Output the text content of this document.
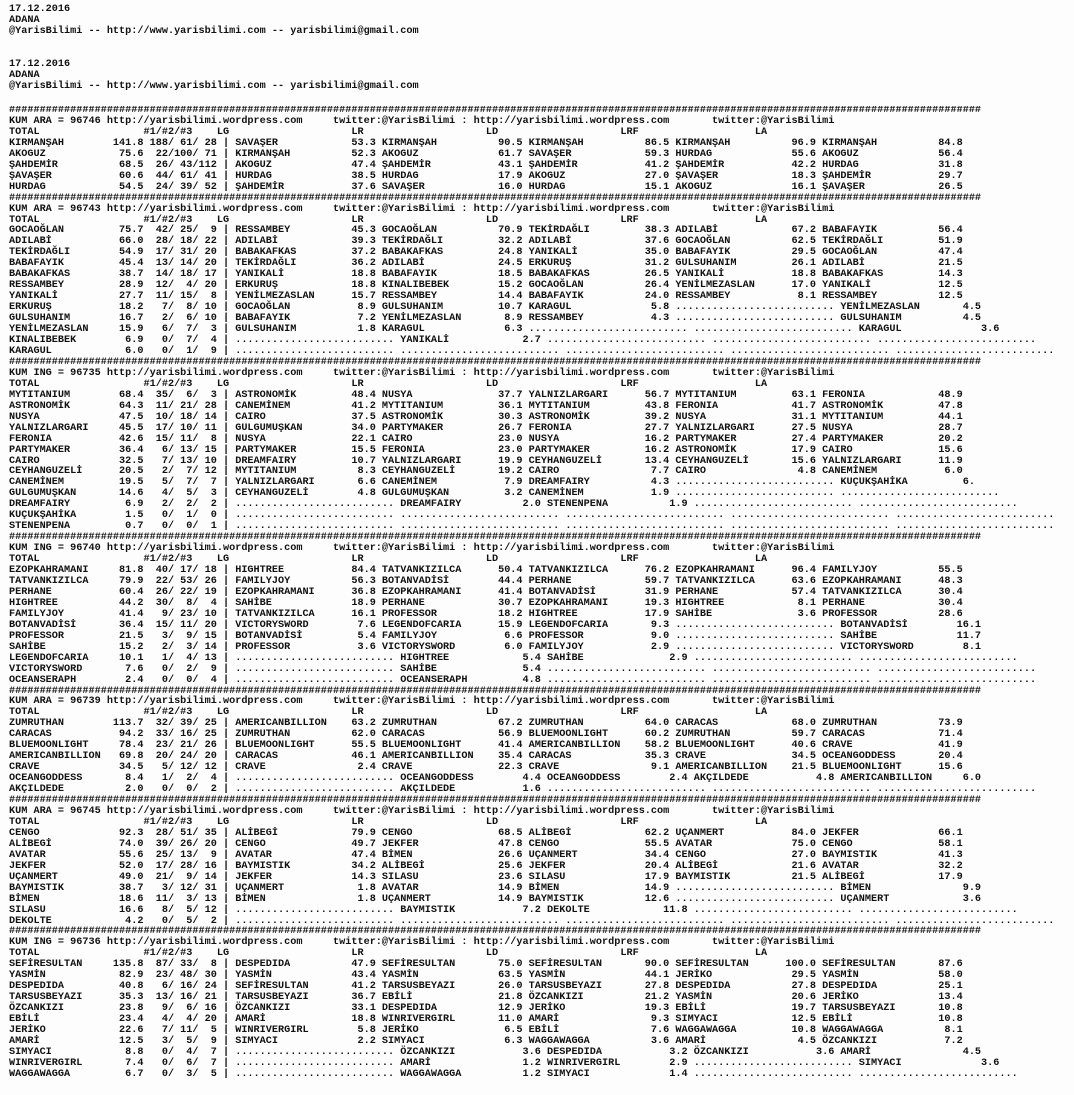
17.12.2016
ADANA
@YarisBilimi -- http://www.yarisbilimi.com -- yarisbilimi@gmail.com
17.12.2016
ADANA
@YarisBilimi -- http://www.yarisbilimi.com -- yarisbilimi@gmail.com
###############################################################################################################################################################
KUM ARA = 96746 http://yarisbilimi.wordpress.com     twitter:@YarisBilimi : http://yarisbilimi.wordpress.com       twitter:@YarisBilimi
TOTAL                 #1/#2/#3    LG                    LR                    LD                    LRF                   LA
KIRMANŞAH        141.8 188/ 61/ 28 | SAVAŞER            53.3 KIRMANŞAH          90.5 KIRMANŞAH          86.5 KIRMANŞAH          96.9 KIRMANŞAH          84.8
AKOGUZ            75.6  22/100/ 71 | KIRMANŞAH          52.3 AKOGUZ             61.7 SAVAŞER            59.3 HURDAG             55.6 AKOGUZ             56.4
ŞAHDEMİR          68.5  26/ 43/112 | AKOGUZ             47.4 ŞAHDEMİR           43.1 ŞAHDEMİR           41.2 ŞAHDEMİR           42.2 HURDAG             31.8
ŞAVAŞER           60.6  44/ 61/ 41 | HURDAG             38.5 HURDAG             17.9 AKOGUZ             27.0 ŞAVAŞER            18.3 ŞAHDEMİR           29.7
HURDAG            54.5  24/ 39/ 52 | ŞAHDEMİR           37.6 SAVAŞER            16.0 HURDAG             15.1 AKOGUZ             16.1 ŞAVAŞER            26.5
###############################################################################################################################################################
KUM ARA = 96743 http://yarisbilimi.wordpress.com     twitter:@YarisBilimi : http://yarisbilimi.wordpress.com       twitter:@YarisBilimi
TOTAL                 #1/#2/#3    LG                    LR                    LD                    LRF                   LA
GOCAOĞLAN         75.7  42/ 25/  9 | RESSAMBEY          45.3 GOCAOĞLAN          70.9 TEKİRDAĞLI         38.3 ADILABİ            67.2 BABAFAYIK          56.4
ADILABİ           66.0  28/ 18/ 22 | ADILABİ            39.3 TEKİRDAĞLI         32.2 ADILABİ            37.6 GOCAOĞLAN          62.5 TEKİRDAĞLI         51.9
TEKİRDAĞLI        54.9  17/ 31/ 20 | BABAKAFKAS         37.2 BABAKAFKAS         24.8 YANIKALİ           35.0 BABAFAYIK          29.5 GOCAOĞLAN          47.4
BABAFAYIK         45.4  13/ 14/ 20 | TEKİRDAĞLI         36.2 ADILABİ            24.5 ERKURUŞ            31.2 GULSUHANIM         26.1 ADILABİ            21.5
BABAKAFKAS        38.7  14/ 18/ 17 | YANIKALİ           18.8 BABAFAYIK          18.5 BABAKAFKAS         26.5 YANIKALİ           18.8 BABAKAFKAS         14.3
RESSAMBEY         28.9  12/  4/ 20 | ERKURUŞ            18.8 KINALIBEBEK        15.2 GOCAOĞLAN          26.4 YENİLMEZASLAN      17.0 YANIKALİ           12.5
YANIKALİ          27.7  11/ 15/  8 | YENİLMEZASLAN      15.7 RESSAMBEY          14.4 BABAFAYIK          24.0 RESSAMBEY           8.1 RESSAMBEY          12.5
ERKURUŞ           18.2   7/  8/ 10 | GOCAOĞLAN           8.9 GULSUHANIM         10.7 KARAGUL             5.8 .......................... YENİLMEZASLAN       4.5
GULSUHANIM        16.7   2/  6/ 10 | BABAFAYIK           7.2 YENİLMEZASLAN       8.9 RESSAMBEY           4.3 .......................... GULSUHANIM          4.5
YENİLMEZASLAN     15.9   6/  7/  3 | GULSUHANIM          1.8 KARAGUL             6.3 .......................... .......................... KARAGUL             3.6
KINALIBEBEK        6.9   0/  7/  4 | .......................... YANIKALİ            2.7 .......................... .......................... ..........................
KARAGUL            6.0   0/  1/  9 | .......................... .......................... .......................... .......................... ..........................
###############################################################################################################################################################
KUM ING = 96735 http://yarisbilimi.wordpress.com     twitter:@YarisBilimi : http://yarisbilimi.wordpress.com       twitter:@YarisBilimi
TOTAL                 #1/#2/#3    LG                    LR                    LD                    LRF                   LA
MYTITANIUM        68.4  35/  6/  3 | ASTRONOMİK         48.4 NUSYA              37.7 YALNIZLARGARI      56.7 MYTITANIUM         63.1 FERONIA            48.9
ASTRONOMİK        64.3  11/ 21/ 28 | CANEMİNEM          41.2 MYTITANIUM         36.1 MYTITANIUM         43.8 FERONIA            41.7 ASTRONOMİK         47.8
NUSYA             47.5  10/ 18/ 14 | CAIRO              37.5 ASTRONOMİK         30.3 ASTRONOMİK         39.2 NUSYA              31.1 MYTITANIUM         44.1
YALNIZLARGARI     45.5  17/ 10/ 11 | GULGUMUŞKAN        34.0 PARTYMAKER         26.7 FERONIA            27.7 YALNIZLARGARI      27.5 NUSYA              28.7
FERONIA           42.6  15/ 11/  8 | NUSYA              22.1 CAIRO              23.0 NUSYA              16.2 PARTYMAKER         27.4 PARTYMAKER         20.2
PARTYMAKER        36.4   6/ 13/ 15 | PARTYMAKER         15.5 FERONIA            23.0 PARTYMAKER         16.2 ASTRONOMİK         17.9 CAIRO              15.6
CAIRO             32.5   7/ 13/ 10 | DREAMFAIRY         10.7 YALNIZLARGARI      19.9 CEYHANGUZELİ       13.4 CEYHANGUZELİ       15.6 YALNIZLARGARI      11.9
CEYHANGUZELİ      20.5   2/  7/ 12 | MYTITANIUM          8.3 CEYHANGUZELİ       19.2 CAIRO               7.7 CAIRO               4.8 CANEMİNEM           6.0
CANEMİNEM         19.5   5/  7/  7 | YALNIZLARGARI       6.6 CANEMİNEM           7.9 DREAMFAIRY          4.3 .......................... KUÇUKŞAHİKA         6.
GULGUMUŞKAN       14.6   4/  5/  3 | CEYHANGUZELİ        4.8 GULGUMUŞKAN         3.2 CANEMİNEM           1.9 .......................... ..........................
DREAMFAIRY         6.9   2/  2/  2 | .......................... DREAMFAIRY          2.0 STENENPENA          1.9 .......................... ..........................
KUÇUKŞAHİKA        1.5   0/  1/  0 | .......................... .......................... .......................... .......................... ..........................
STENENPENA         0.7   0/  0/  1 | .......................... .......................... .......................... .......................... ..........................
###############################################################################################################################################################
KUM ING = 96740 http://yarisbilimi.wordpress.com     twitter:@YarisBilimi : http://yarisbilimi.wordpress.com       twitter:@YarisBilimi
TOTAL                 #1/#2/#3    LG                    LR                    LD                    LRF                   LA
EZOPKAHRAMANI     81.8  40/ 17/ 18 | HIGHTREE           84.4 TATVANKIZILCA      50.4 TATVANKIZILCA      76.2 EZOPKAHRAMANI      96.4 FAMILYJOY          55.5
TATVANKIZILCA     79.9  22/ 53/ 26 | FAMILYJOY          56.3 BOTANVADİSİ        44.4 PERHANE            59.7 TATVANKIZILCA      63.6 EZOPKAHRAMANI      48.3
PERHANE           60.4  26/ 22/ 19 | EZOPKAHRAMANI      36.8 EZOPKAHRAMANI      41.4 BOTANVADİSİ        31.9 PERHANE            57.4 TATVANKIZILCA      30.4
HIGHTREE          44.2  30/  8/  4 | SAHİBE             18.9 PERHANE            30.7 EZOPKAHRAMANI      19.3 HIGHTREE            8.1 PERHANE            30.4
FAMILYJOY         41.4   9/ 23/ 10 | TATVANKIZILCA      16.1 PROFESSOR          18.2 HIGHTREE           17.9 SAHİBE              3.6 PROFESSOR          28.6
BOTANVADİSİ       36.4  15/ 11/ 20 | VICTORYSWORD        7.6 LEGENDOFCARIA      15.9 LEGENDOFCARIA       9.3 .......................... BOTANVADİSİ        16.1
PROFESSOR         21.5   3/  9/ 15 | BOTANVADİSİ         5.4 FAMILYJOY           6.6 PROFESSOR           9.0 .......................... SAHİBE             11.7
SAHİBE            15.2   2/  3/ 14 | PROFESSOR           3.6 VICTORYSWORD        6.0 FAMILYJOY           2.9 .......................... VICTORYSWORD        8.1
LEGENDOFCARIA     10.1   1/  4/ 13 | .......................... HIGHTREE            5.4 SAHİBE              2.9 .......................... ..........................
VICTORYSWORD       7.6   0/  2/  9 | .......................... SAHİBE              5.4 .......................... .......................... ..........................
OCEANSERAPH        2.4   0/  0/  4 | .......................... OCEANSERAPH         4.8 .......................... .......................... ..........................
###############################################################################################################################################################
KUM ARA = 96739 http://yarisbilimi.wordpress.com     twitter:@YarisBilimi : http://yarisbilimi.wordpress.com       twitter:@YarisBilimi
TOTAL                 #1/#2/#3    LG                    LR                    LD                    LRF                   LA
ZUMRUTHAN        113.7  32/ 39/ 25 | AMERICANBILLION    63.2 ZUMRUTHAN          67.2 ZUMRUTHAN          64.0 CARACAS            68.0 ZUMRUTHAN          73.9
CARACAS           94.2  33/ 16/ 25 | ZUMRUTHAN          62.0 CARACAS            56.9 BLUEMOONLIGHT      60.2 ZUMRUTHAN          59.7 CARACAS            71.4
BLUEMOONLIGHT     78.4  23/ 21/ 26 | BLUEMOONLIGHT      55.5 BLUEMOONLIGHT      41.4 AMERICANBILLION    58.2 BLUEMOONLIGHT      40.6 CRAVE              41.9
AMERICANBILLION   69.8  20/ 24/ 20 | CARACAS            46.1 AMERICANBILLION    35.4 CARACAS            35.3 CRAVE              34.5 OCEANGODDESS       20.4
CRAVE             34.5   5/ 12/ 12 | CRAVE               2.4 CRAVE              22.3 CRAVE               9.1 AMERICANBILLION    21.5 BLUEMOONLIGHT      15.6
OCEANGODDESS       8.4   1/  2/  4 | .......................... OCEANGODDESS        4.4 OCEANGODDESS        2.4 AKÇILDEDE           4.8 AMERICANBILLION     6.0
AKÇILDEDE          2.0   0/  0/  2 | .......................... AKÇILDEDE           1.6 .......................... .......................... ..........................
###############################################################################################################################################################
KUM ARA = 96745 http://yarisbilimi.wordpress.com     twitter:@YarisBilimi : http://yarisbilimi.wordpress.com       twitter:@YarisBilimi
TOTAL                 #1/#2/#3    LG                    LR                    LD                    LRF                   LA
CENGO             92.3  28/ 51/ 35 | ALİBEGİ            79.9 CENGO              68.5 ALİBEGİ            62.2 UÇANMERT           84.0 JEKFER             66.1
ALİBEGİ           74.0  39/ 26/ 20 | CENGO              49.7 JEKFER             47.8 CENGO              55.5 AVATAR             75.0 CENGO              58.1
AVATAR            55.6  25/ 13/  9 | AVATAR             47.4 BİMEN              26.6 UÇANMERT           34.4 CENGO              27.0 BAYMISTIK          41.3
JEKFER            52.0  17/ 28/ 16 | BAYMISTIK          34.2 ALİBEGİ            25.6 JEKFER             20.4 ALİBEGİ            21.6 AVATAR             32.2
UÇANMERT          49.0  21/  9/ 14 | JEKFER             14.3 SILASU             23.6 SILASU             17.9 BAYMISTIK          21.5 ALİBEGİ            17.9
BAYMISTIK         38.7   3/ 12/ 31 | UÇANMERT            1.8 AVATAR             14.9 BİMEN              14.9 .......................... BİMEN               9.9
BİMEN             18.6  11/  3/ 13 | BİMEN               1.8 UÇANMERT           14.9 BAYMISTIK          12.6 .......................... UÇANMERT            3.6
SILASU            16.6   8/  5/ 12 | .......................... BAYMISTIK           7.2 DEKOLTE            11.8 .......................... ..........................
DEKOLTE            4.2   0/  5/  2 | .......................... .......................... .......................... .......................... ..........................
###############################################################################################################################################################
KUM ING = 96736 http://yarisbilimi.wordpress.com     twitter:@YarisBilimi : http://yarisbilimi.wordpress.com       twitter:@YarisBilimi
TOTAL                 #1/#2/#3    LG                    LR                    LD                    LRF                   LA
SEFİRESULTAN     135.8  87/ 33/  8 | DESPEDIDA          47.9 SEFİRESULTAN       75.0 SEFİRESULTAN       90.0 SEFİRESULTAN      100.0 SEFİRESULTAN       87.6
YASMİN            82.9  23/ 48/ 30 | YASMİN             43.4 YASMİN             63.5 YASMİN             44.1 JERİKO             29.5 YASMİN             58.0
DESPEDIDA         40.8   6/ 16/ 24 | SEFİRESULTAN       41.2 TARSUSBEYAZI       26.0 TARSUSBEYAZI       27.8 DESPEDIDA          27.8 DESPEDIDA          25.1
TARSUSBEYAZI      35.3  13/ 16/ 21 | TARSUSBEYAZI       36.7 EBİLİ              21.8 ÖZCANKIZI          21.2 YASMİN             20.6 JERİKO             13.4
ÖZCANKIZI         23.8   9/  6/ 16 | ÖZCANKIZI          33.1 DESPEDIDA          12.9 JERİKO             19.3 EBİLİ              19.7 TARSUSBEYAZI       10.8
EBİLİ             23.4   4/  4/ 20 | AMARİ              18.8 WINRIVERGIRL       11.0 AMARİ               9.3 SIMYACI            12.5 EBİLİ              10.8
JERİKO            22.6   7/ 11/  5 | WINRIVERGIRL        5.8 JERİKO              6.5 EBİLİ               7.6 WAGGAWAGGA         10.8 WAGGAWAGGA          8.1
AMARİ             12.5   3/  5/  9 | SIMYACI             2.2 SIMYACI             6.3 WAGGAWAGGA          3.6 AMARİ               4.5 ÖZCANKIZI           7.2
SIMYACI            8.8   0/  4/  7 | .......................... ÖZCANKIZI           3.6 DESPEDIDA           3.2 ÖZCANKIZI           3.6 AMARİ               4.5
WINRIVERGIRL       7.4   0/  6/  7 | .......................... AMARİ               1.2 WINRIVERGIRL        2.9 .......................... SIMYACI             3.6
WAGGAWAGGA         6.7   0/  3/  5 | .......................... WAGGAWAGGA          1.2 SIMYACI             1.4 .......................... ..........................
